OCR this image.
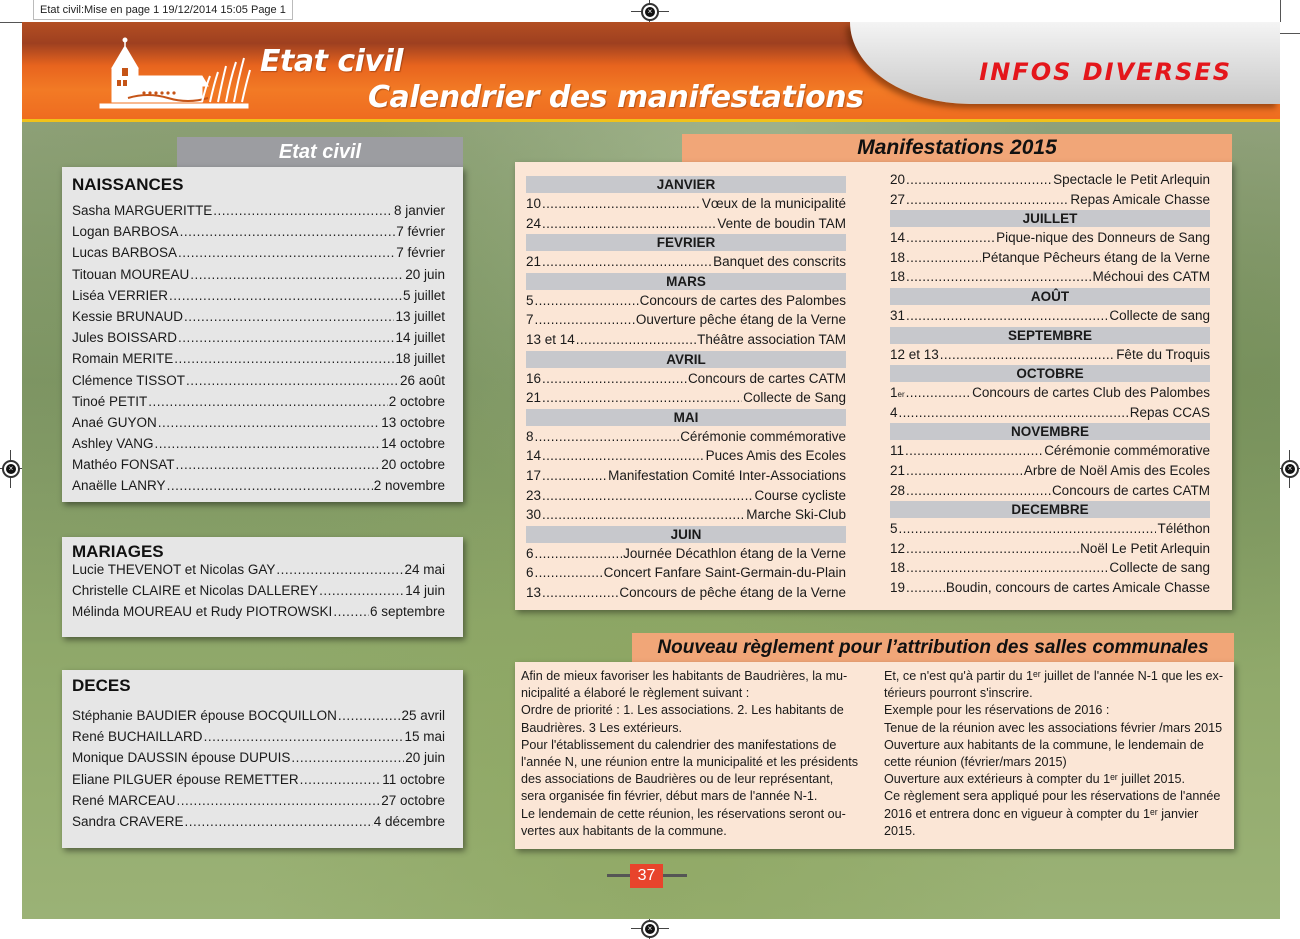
Etat civil:Mise en page 1 19/12/2014 15:05 Page 1	×
×	×
×
Etat civil
Calendrier des manifestations
INFOS DIVERSES
Etat civil
NAISSANCES
Sasha MARGUERITTE .....	8 janvier
Logan BARBOSA .....	7 février
Lucas BARBOSA .....	7 février
Titouan MOUREAU .....	20 juin
Liséa VERRIER .....	5 juillet
Kessie BRUNAUD .....	13 juillet
Jules BOISSARD .....	14 juillet
Romain MERITE .....	18 juillet
Clémence TISSOT .....	26 août
Tinoé PETIT .....	2 octobre
Anaé GUYON .....	13 octobre
Ashley VANG .....	14 octobre
Mathéo FONSAT .....	20 octobre
Anaëlle LANRY .....	2 novembre
MARIAGES
Lucie THEVENOT et Nicolas GAY .....	24 mai
Christelle CLAIRE et Nicolas DALLEREY .....	14 juin
Mélinda MOUREAU et Rudy PIOTROWSKI .....	6 septembre
DECES
Stéphanie BAUDIER épouse BOCQUILLON .....	25 avril
René BUCHAILLARD .....	15 mai
Monique DAUSSIN épouse DUPUIS .....	20 juin
Eliane PILGUER épouse REMETTER .....	11 octobre
René MARCEAU .....	27 octobre
Sandra CRAVERE .....	4 décembre
Manifestations 2015
JANVIER
10 .....	Vœux de la municipalité
24 .....	Vente de boudin TAM
FEVRIER
21 .....	Banquet des conscrits
MARS
5 .....	Concours de cartes des Palombes
7 .....	Ouverture pêche étang de la Verne
13 et 14 .....	Théâtre association TAM
AVRIL
16 .....	Concours de cartes CATM
21 .....	Collecte de Sang
MAI
8 .....	Cérémonie commémorative
14 .....	Puces Amis des Ecoles
17 .....	Manifestation Comité Inter-Associations
23 .....	Course cycliste
30 .....	Marche Ski-Club
JUIN
6 .....	Journée Décathlon étang de la Verne
6 .....	Concert Fanfare Saint-Germain-du-Plain
13 .....	Concours de pêche étang de la Verne
20 .....	Spectacle le Petit Arlequin
27 .....	Repas Amicale Chasse
JUILLET
14 .....	Pique-nique des Donneurs de Sang
18 .....	Pétanque Pêcheurs étang de la Verne
18 .....	Méchoui des CATM
AOÛT
31 .....	Collecte de sang
SEPTEMBRE
12 et 13 .....	Fête du Troquis
OCTOBRE
1 er .....	Concours de cartes Club des Palombes
4 .....	Repas CCAS
NOVEMBRE
11 .....	Cérémonie commémorative
21 .....	Arbre de Noël Amis des Ecoles
28 .....	Concours de cartes CATM
DECEMBRE
5 .....	Téléthon
12 .....	Noël Le Petit Arlequin
18 .....	Collecte de sang
19 .....	Boudin, concours de cartes Amicale Chasse
Nouveau règlement pour l’attribution des salles communales
Afin de mieux favoriser les habitants de Baudrières, la mu-
nicipalité a élaboré le règlement suivant :
Ordre de priorité : 1. Les associations. 2. Les habitants de
Baudrières. 3 Les extérieurs.
Pour l'établissement du calendrier des manifestations de
l'année N, une réunion entre la municipalité et les présidents
des associations de Baudrières ou de leur représentant,
sera organisée fin février, début mars de l'année N-1.
Le lendemain de cette réunion, les réservations seront ou-
vertes aux habitants de la commune.
Et, ce n'est qu'à partir du 1ᵉʳ juillet de l'année N-1 que les ex-
térieurs pourront s'inscrire.
Exemple pour les réservations de 2016 :
Tenue de la réunion avec les associations février /mars 2015
Ouverture aux habitants de la commune, le lendemain de
cette réunion (février/mars 2015)
Ouverture aux extérieurs à compter du 1ᵉʳ juillet 2015.
Ce règlement sera appliqué pour les réservations de l'année
2016 et entrera donc en vigueur à compter du 1ᵉʳ janvier
2015.
37
